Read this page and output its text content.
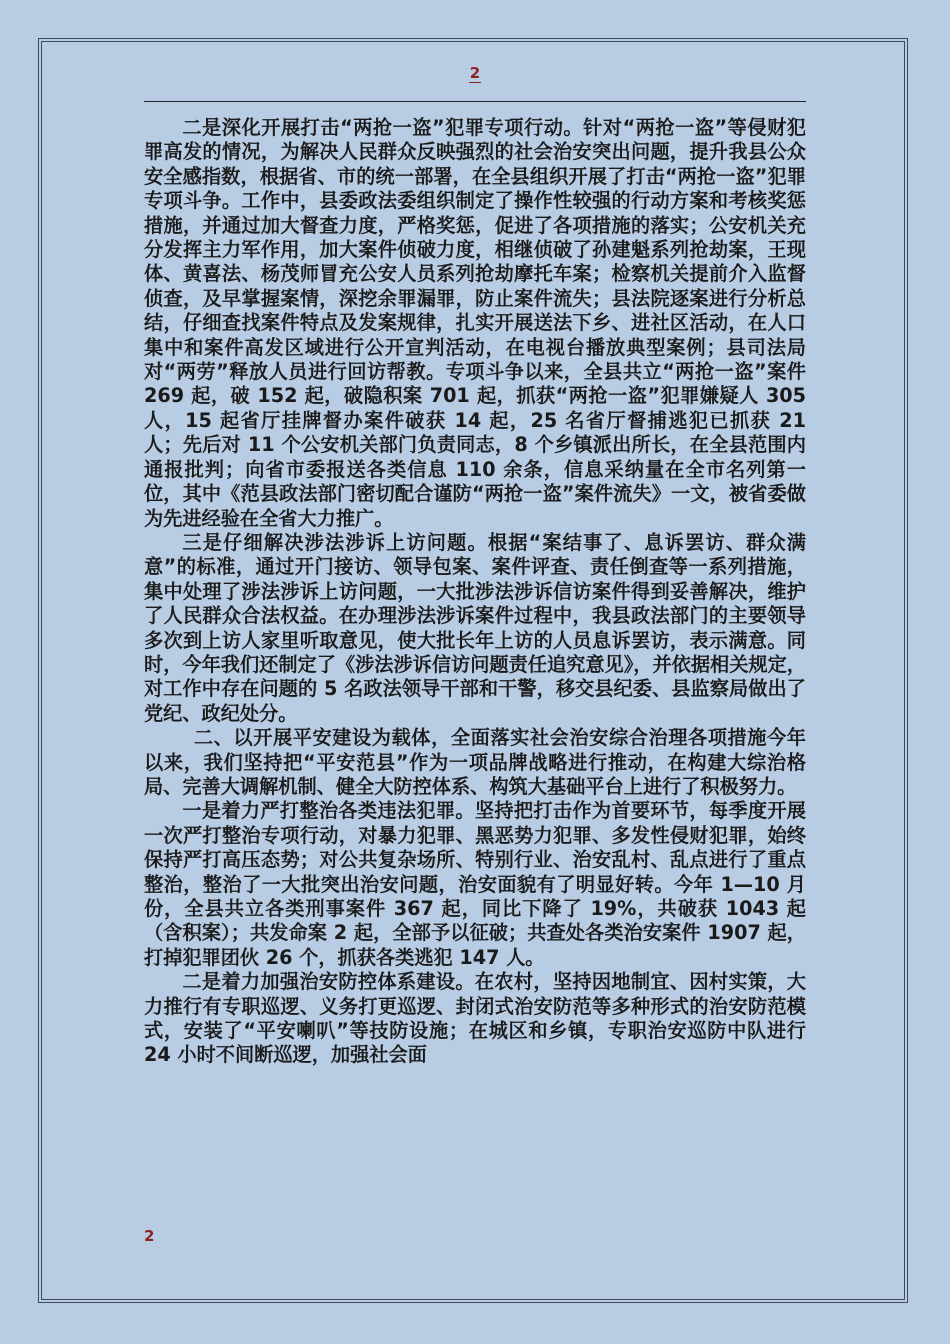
2

二是深化开展打击“两抢一盗”犯罪专项行动。针对“两抢一盗”等侵财犯罪高发的情况，为解决人民群众反映强烈的社会治安突出问题，提升我县公众安全感指数，根据省、市的统一部署，在全县组织开展了打击“两抢一盗”犯罪专项斗争。工作中，县委政法委组织制定了操作性较强的行动方案和考核奖惩措施，并通过加大督查力度，严格奖惩，促进了各项措施的落实；公安机关充分发挥主力军作用，加大案件侦破力度，相继侦破了孙建魁系列抢劫案，王现体、黄喜法、杨茂师冒充公安人员系列抢劫摩托车案；检察机关提前介入监督侦查，及早掌握案情，深挖余罪漏罪，防止案件流失；县法院逐案进行分析总结，仔细查找案件特点及发案规律，扎实开展送法下乡、进社区活动，在人口集中和案件高发区域进行公开宣判活动，在电视台播放典型案例；县司法局对“两劳”释放人员进行回访帮教。专项斗争以来，全县共立“两抢一盗”案件 269 起，破 152 起，破隐积案 701 起，抓获“两抢一盗”犯罪嫌疑人 305 人，15 起省厅挂牌督办案件破获 14 起，25 名省厅督捕逃犯已抓获 21 人；先后对 11 个公安机关部门负责同志，8 个乡镇派出所长，在全县范围内通报批判；向省市委报送各类信息 110 余条，信息采纳量在全市名列第一位，其中《范县政法部门密切配合谨防“两抢一盗”案件流失》一文，被省委做为先进经验在全省大力推广。

三是仔细解决涉法涉诉上访问题。根据“案结事了、息诉罢访、群众满意”的标准，通过开门接访、领导包案、案件评查、责任倒查等一系列措施，集中处理了涉法涉诉上访问题，一大批涉法涉诉信访案件得到妥善解决，维护了人民群众合法权益。在办理涉法涉诉案件过程中，我县政法部门的主要领导多次到上访人家里听取意见，使大批长年上访的人员息诉罢访，表示满意。同时，今年我们还制定了《涉法涉诉信访问题责任追究意见》，并依据相关规定，对工作中存在问题的 5 名政法领导干部和干警，移交县纪委、县监察局做出了党纪、政纪处分。

二、以开展平安建设为载体，全面落实社会治安综合治理各项措施今年以来，我们坚持把“平安范县”作为一项品牌战略进行推动，在构建大综治格局、完善大调解机制、健全大防控体系、构筑大基础平台上进行了积极努力。

一是着力严打整治各类违法犯罪。坚持把打击作为首要环节，每季度开展一次严打整治专项行动，对暴力犯罪、黑恶势力犯罪、多发性侵财犯罪，始终保持严打高压态势；对公共复杂场所、特别行业、治安乱村、乱点进行了重点整治，整治了一大批突出治安问题，治安面貌有了明显好转。今年 1—10 月份，全县共立各类刑事案件 367 起，同比下降了 19%，共破获 1043 起（含积案）；共发命案 2 起，全部予以征破；共查处各类治安案件 1907 起，打掉犯罪团伙 26 个，抓获各类逃犯 147 人。

二是着力加强治安防控体系建设。在农村，坚持因地制宜、因村实策，大力推行有专职巡逻、义务打更巡逻、封闭式治安防范等多种形式的治安防范模式，安装了“平安喇叭”等技防设施；在城区和乡镇，专职治安巡防中队进行 24 小时不间断巡逻，加强社会面

2
